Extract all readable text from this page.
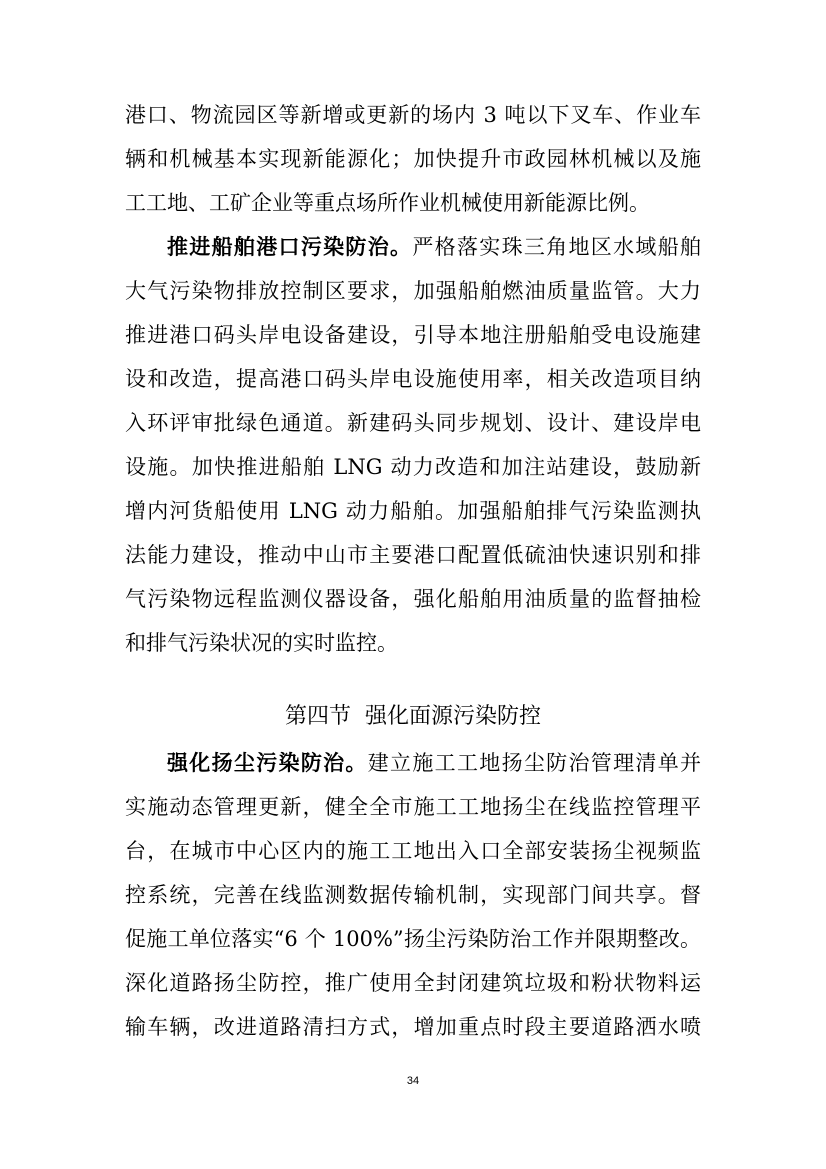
港口、物流园区等新增或更新的场内 3 吨以下叉车、作业车
辆和机械基本实现新能源化；加快提升市政园林机械以及施
工工地、工矿企业等重点场所作业机械使用新能源比例。
推进船舶港口污染防治。严格落实珠三角地区水域船舶
大气污染物排放控制区要求，加强船舶燃油质量监管。大力
推进港口码头岸电设备建设，引导本地注册船舶受电设施建
设和改造，提高港口码头岸电设施使用率，相关改造项目纳
入环评审批绿色通道。新建码头同步规划、设计、建设岸电
设施。加快推进船舶 LNG 动力改造和加注站建设，鼓励新
增内河货船使用 LNG 动力船舶。加强船舶排气污染监测执
法能力建设，推动中山市主要港口配置低硫油快速识别和排
气污染物远程监测仪器设备，强化船舶用油质量的监督抽检
和排气污染状况的实时监控。
第四节 强化面源污染防控
强化扬尘污染防治。建立施工工地扬尘防治管理清单并
实施动态管理更新，健全全市施工工地扬尘在线监控管理平
台，在城市中心区内的施工工地出入口全部安装扬尘视频监
控系统，完善在线监测数据传输机制，实现部门间共享。督
促施工单位落实“6 个 100%”扬尘污染防治工作并限期整改。
深化道路扬尘防控，推广使用全封闭建筑垃圾和粉状物料运
输车辆，改进道路清扫方式，增加重点时段主要道路洒水喷
34
